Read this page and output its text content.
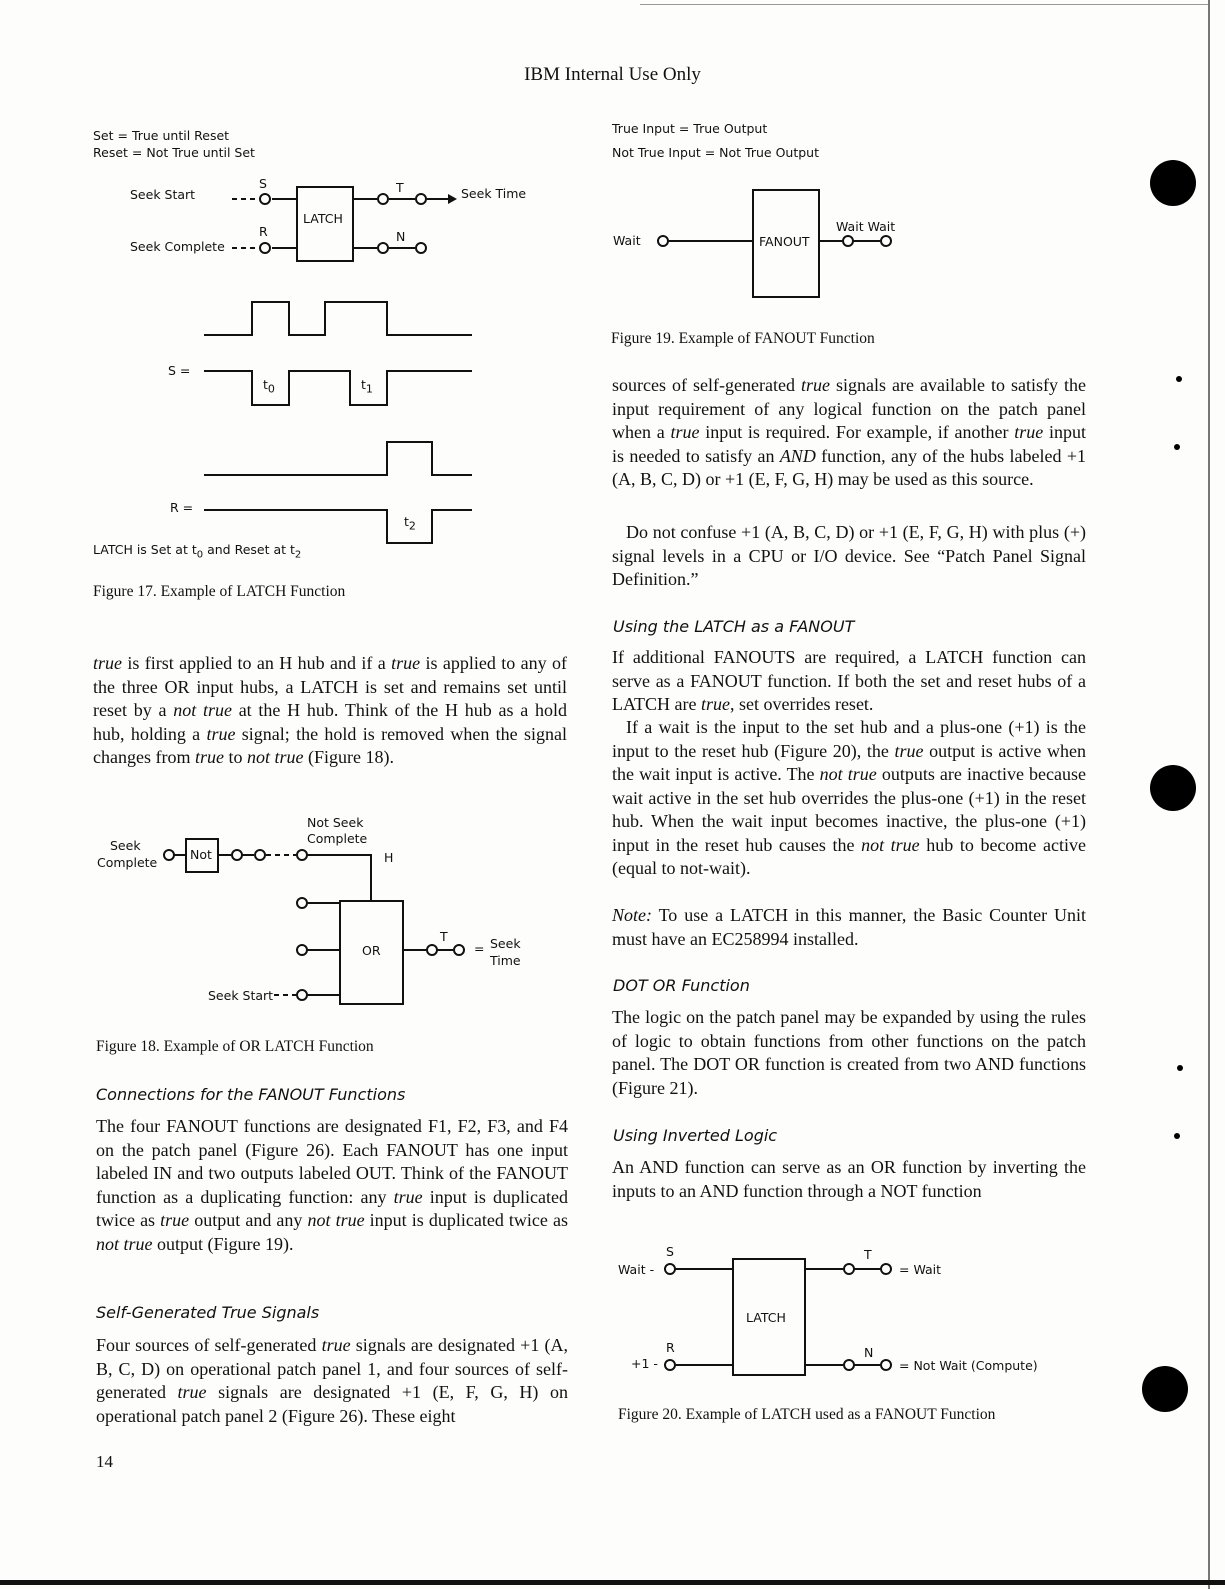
IBM Internal Use Only
Set = True until Reset
Reset = Not True until Set
Seek Start
Seek Complete
Seek Time
S
R
T
N
LATCH
S =
R =
$t_0$	$t_1$
$t_2$
LATCH is Set at $t_0$ and Reset at $t_2$
Figure 17. Example of LATCH Function

true is first applied to an H hub and if a true is applied to any of the three OR input hubs, a LATCH is set and remains set until reset by a not true at the H hub. Think of the H hub as a hold hub, holding a true signal; the hold is removed when the signal changes from true to not true (Figure 18).

Seek
Complete
Not Seek
Complete
H
Not
OR
T
= Seek
Time
Seek Start
Figure 18. Example of OR LATCH Function
Connections for the FANOUT Functions

The four FANOUT functions are designated F1, F2, F3, and F4 on the patch panel (Figure 26). Each FANOUT has one input labeled IN and two outputs labeled OUT. Think of the FANOUT function as a duplicating function: any true input is duplicated twice as true output and any not true input is duplicated twice as not true output (Figure 19).

Self-Generated True Signals

Four sources of self-generated true signals are designated +1 (A, B, C, D) on operational patch panel 1, and four sources of self-generated true signals are designated +1 (E, F, G, H) on operational patch panel 2 (Figure 26). These eight

14
True Input = True Output
Not True Input = Not True Output
Wait	FANOUT
Wait Wait
Figure 19. Example of FANOUT Function

sources of self-generated true signals are available to satisfy the input requirement of any logical function on the patch panel when a true input is required. For example, if another true input is needed to satisfy an AND function, any of the hubs labeled +1 (A, B, C, D) or +1 (E, F, G, H) may be used as this source.

Do not confuse +1 (A, B, C, D) or +1 (E, F, G, H) with plus (+) signal levels in a CPU or I/O device. See “Patch Panel Signal Definition.”

Using the LATCH as a FANOUT

If additional FANOUTS are required, a LATCH function can serve as a FANOUT function. If both the set and reset hubs of a LATCH are true, set overrides reset.

If a wait is the input to the set hub and a plus-one (+1) is the input to the reset hub (Figure 20), the true output is active when the wait input is active. The not true outputs are inactive because wait active in the set hub overrides the plus-one (+1) in the reset hub. When the wait input becomes inactive, the plus-one (+1) input in the reset hub causes the not true hub to become active (equal to not-wait).

Note: To use a LATCH in this manner, the Basic Counter Unit must have an EC258994 installed.

DOT OR Function

The logic on the patch panel may be expanded by using the rules of logic to obtain functions from other functions on the patch panel. The DOT OR function is created from two AND functions (Figure 21).

Using Inverted Logic

An AND function can serve as an OR function by inverting the inputs to an AND function through a NOT function

S	T
R	N
Wait -
+1 -
LATCH
= Wait
= Not Wait (Compute)
Figure 20. Example of LATCH used as a FANOUT Function
